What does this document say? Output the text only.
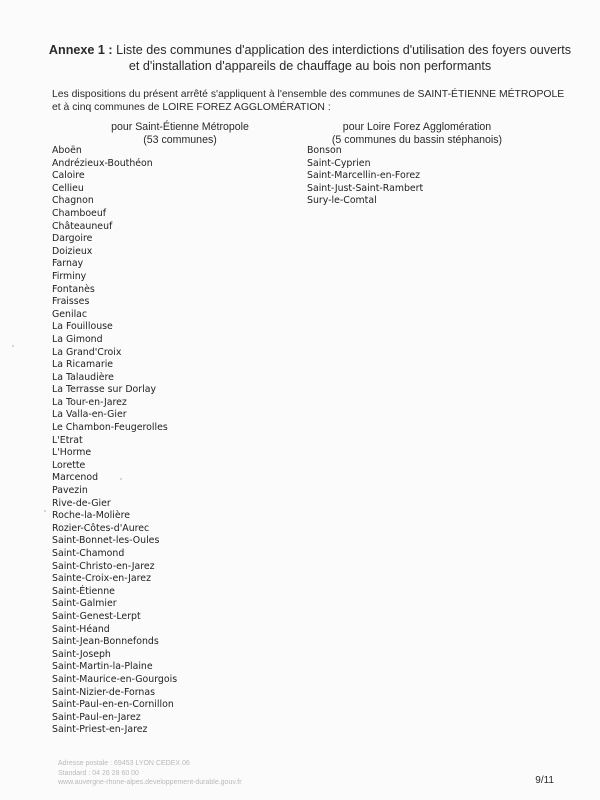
Annexe 1 : Liste des communes d'application des interdictions d'utilisation des foyers ouverts
et d'installation d'appareils de chauffage au bois non performants
Les dispositions du présent arrêté s'appliquent à l'ensemble des communes de SAINT-ÉTIENNE MÉTROPOLE
et à cinq communes de LOIRE FOREZ AGGLOMÉRATION :
pour Saint-Étienne Métropole
(53 communes)
pour Loire Forez Agglomération
(5 communes du bassin stéphanois)
Aboën
Andrézieux-Bouthéon
Caloire
Cellieu
Chagnon
Chamboeuf
Châteauneuf
Dargoire
Doizieux
Farnay
Firminy
Fontanès
Fraisses
Genilac
La Fouillouse
La Gimond
La Grand'Croix
La Ricamarie
La Talaudière
La Terrasse sur Dorlay
La Tour-en-Jarez
La Valla-en-Gier
Le Chambon-Feugerolles
L'Etrat
L'Horme
Lorette
Marcenod
Pavezin
Rive-de-Gier
Roche-la-Molière
Rozier-Côtes-d'Aurec
Saint-Bonnet-les-Oules
Saint-Chamond
Saint-Christo-en-Jarez
Sainte-Croix-en-Jarez
Saint-Étienne
Saint-Galmier
Saint-Genest-Lerpt
Saint-Héand
Saint-Jean-Bonnefonds
Saint-Joseph
Saint-Martin-la-Plaine
Saint-Maurice-en-Gourgois
Saint-Nizier-de-Fornas
Saint-Paul-en-en-Cornillon
Saint-Paul-en-Jarez
Saint-Priest-en-Jarez
Bonson
Saint-Cyprien
Saint-Marcellin-en-Forez
Saint-Just-Saint-Rambert
Sury-le-Comtal
Adresse postale : 69453 LYON CEDEX 06
Standard : 04 26 28 60 00
www.auvergne-rhone-alpes.developpement-durable.gouv.fr	9/11
